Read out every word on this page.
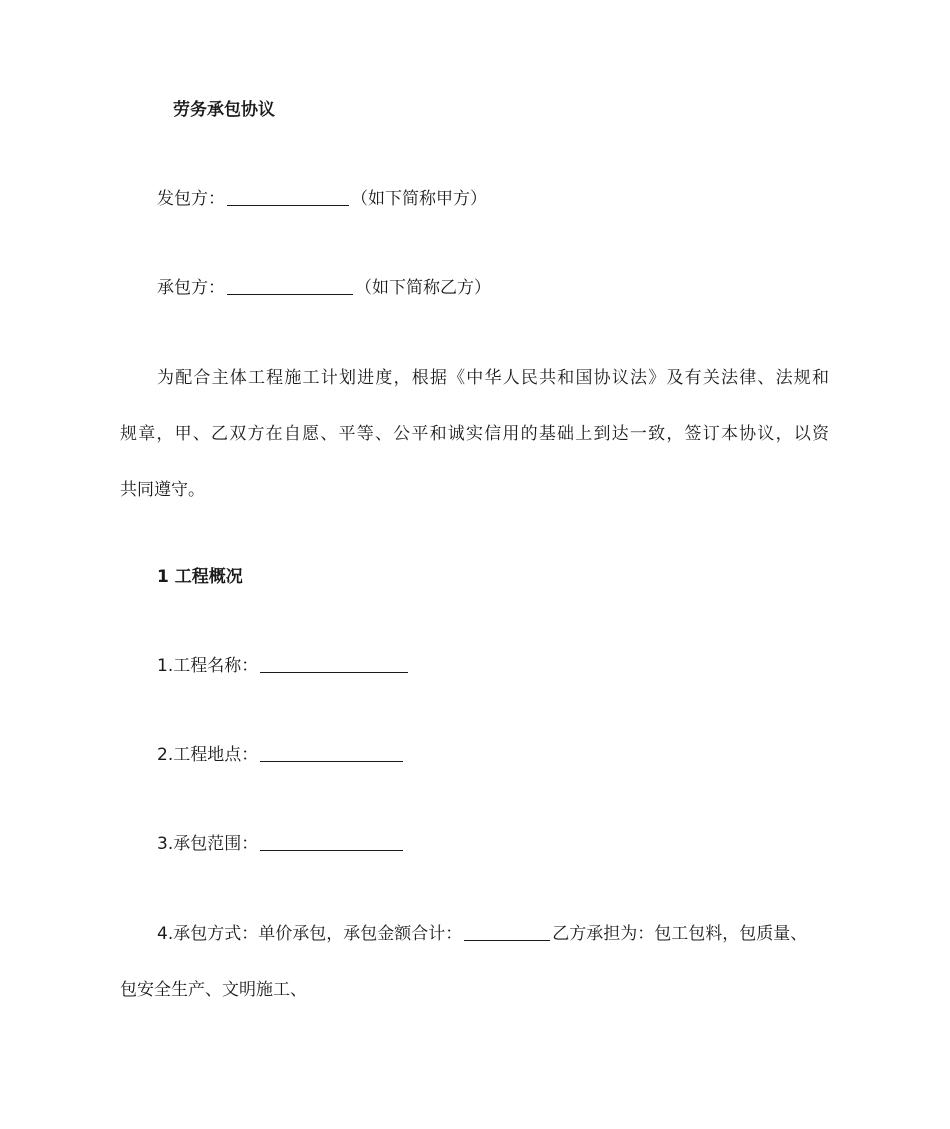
劳务承包协议
发包方：	（如下简称甲方）
承包方：	（如下简称乙方）
为配合主体工程施工计划进度，根据《中华人民共和国协议法》及有关法律、法规和
规章，甲、乙双方在自愿、平等、公平和诚实信用的基础上到达一致，签订本协议，以资
共同遵守。
1 工程概况
1.工程名称：
2.工程地点：
3.承包范围：
4.承包方式：单价承包，承包金额合计：	乙方承担为：包工包料，包质量、
包安全生产、文明施工、
